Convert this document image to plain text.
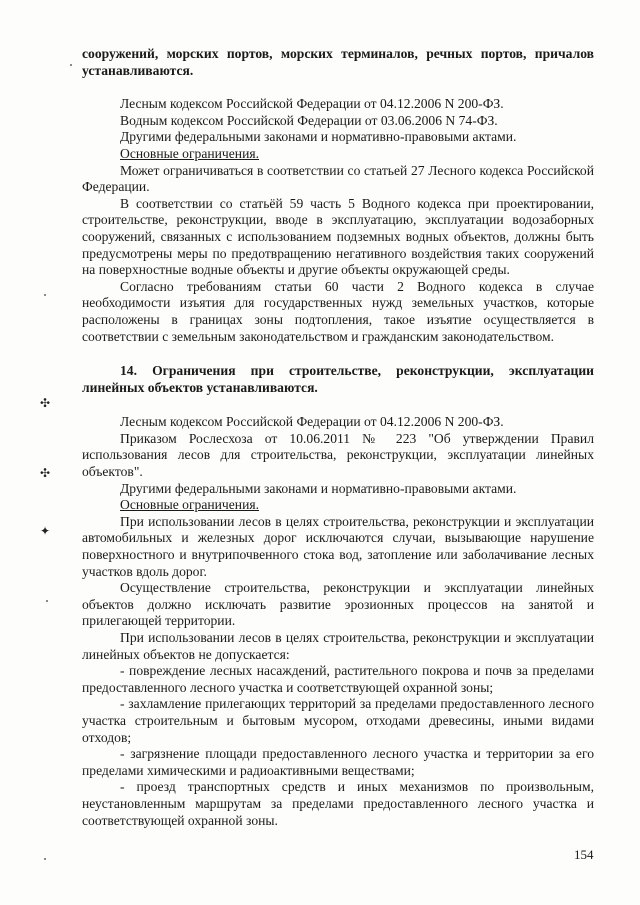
✣
✣
✦

сооружений, морских портов, морских терминалов, речных портов, причалов устанавливаются.

Лесным кодексом Российской Федерации от 04.12.2006 N 200-ФЗ.

Водным кодексом Российской Федерации от 03.06.2006 N 74-ФЗ.

Другими федеральными законами и нормативно-правовыми актами.

Основные ограничения.

Может ограничиваться в соответствии со статьей 27 Лесного кодекса Российской Федерации.

В соответствии со статьёй 59 часть 5 Водного кодекса при проектировании, строительстве, реконструкции, вводе в эксплуатацию, эксплуатации водозаборных сооружений, связанных с использованием подземных водных объектов, должны быть предусмотрены меры по предотвращению негативного воздействия таких сооружений на поверхностные водные объекты и другие объекты окружающей среды.

Согласно требованиям статьи 60 части 2 Водного кодекса в случае необходимости изъятия для государственных нужд земельных участков, которые расположены в границах зоны подтопления, такое изъятие осуществляется в соответствии с земельным законодательством и гражданским законодательством.

14. Ограничения при строительстве, реконструкции, эксплуатации линейных объектов устанавливаются.

Лесным кодексом Российской Федерации от 04.12.2006 N 200-ФЗ.

Приказом Рослесхоза от 10.06.2011 № 223 "Об утверждении Правил использования лесов для строительства, реконструкции, эксплуатации линейных объектов".

Другими федеральными законами и нормативно-правовыми актами.

Основные ограничения.

При использовании лесов в целях строительства, реконструкции и эксплуатации автомобильных и железных дорог исключаются случаи, вызывающие нарушение поверхностного и внутрипочвенного стока вод, затопление или заболачивание лесных участков вдоль дорог.

Осуществление строительства, реконструкции и эксплуатации линейных объектов должно исключать развитие эрозионных процессов на занятой и прилегающей территории.

При использовании лесов в целях строительства, реконструкции и эксплуатации линейных объектов не допускается:

- повреждение лесных насаждений, растительного покрова и почв за пределами предоставленного лесного участка и соответствующей охранной зоны;

- захламление прилегающих территорий за пределами предоставленного лесного участка строительным и бытовым мусором, отходами древесины, иными видами отходов;

- загрязнение площади предоставленного лесного участка и территории за его пределами химическими и радиоактивными веществами;

- проезд транспортных средств и иных механизмов по произвольным, неустановленным маршрутам за пределами предоставленного лесного участка и соответствующей охранной зоны.

154
